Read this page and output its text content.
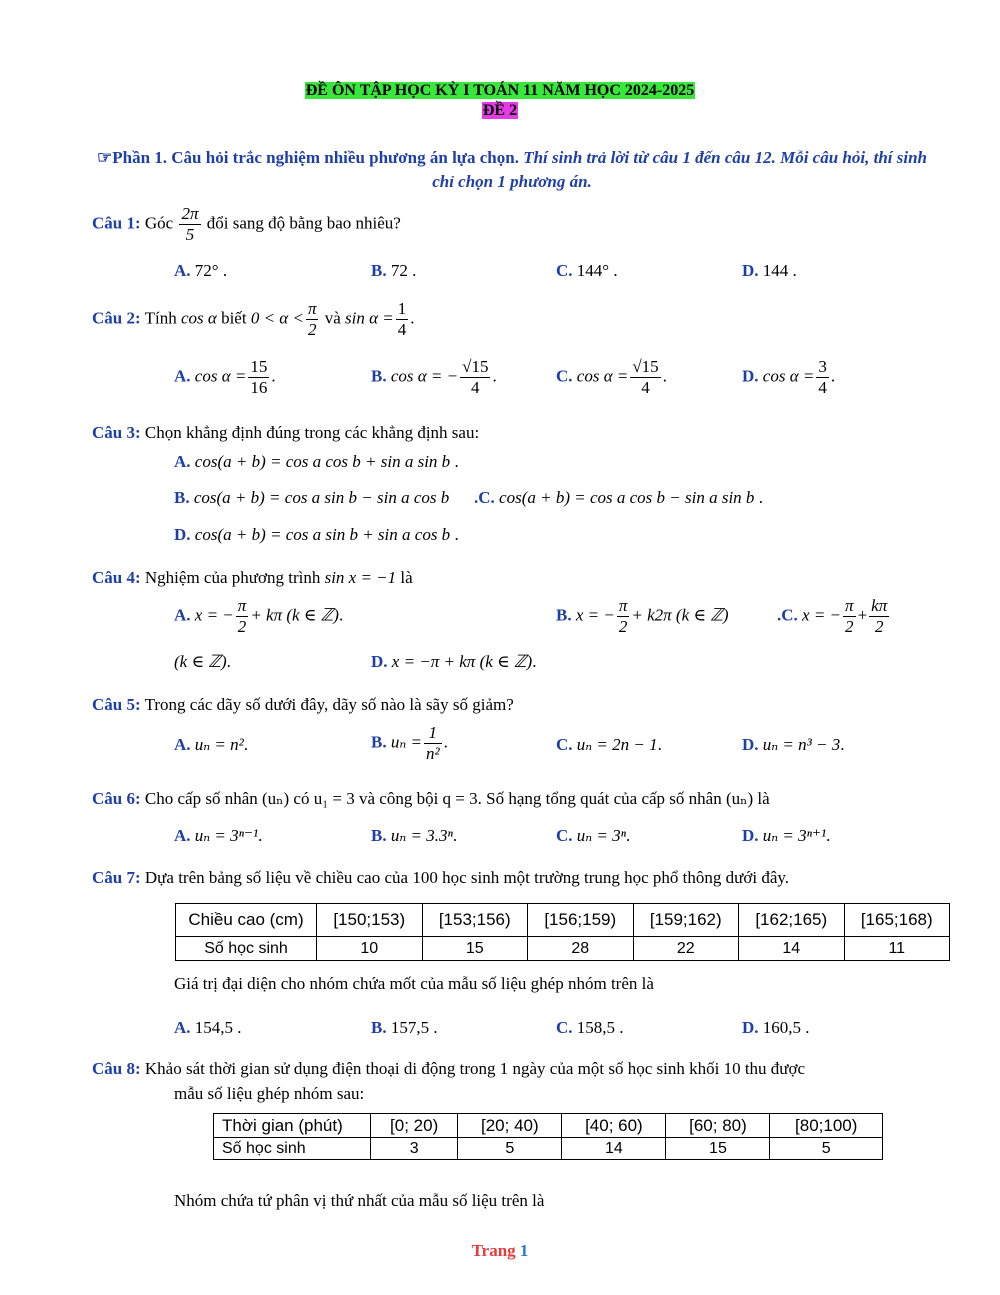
ĐỀ ÔN TẬP HỌC KỲ I TOÁN 11 NĂM HỌC 2024-2025
ĐỀ 2
☞Phần 1. Câu hỏi trắc nghiệm nhiều phương án lựa chọn. Thí sinh trả lời từ câu 1 đến câu 12. Mỗi câu hỏi, thí sinh chỉ chọn 1 phương án.
Câu 1: Góc $\frac{2\pi}{5}$ đổi sang độ bằng bao nhiêu?
A. 72° .	B. 72 .	C. 144° .	D. 144 .
Câu 2: Tính cos α biết $0 < \alpha < \frac{\pi}{2}$ và $\sin \alpha = \frac{1}{4}$ .
A. $\cos \alpha = \frac{15}{16}$ .	B. cos α = − $\frac{√15}{4}$ .	C. $\cos \alpha = \frac{√15}{4}$ .	D. $\cos \alpha = \frac{3}{4}$ .
Câu 3: Chọn khẳng định đúng trong các khẳng định sau:
A. cos(a + b) = cos a cos b + sin a sin b .
B. cos(a + b) = cos a sin b − sin a cos b .C. cos(a + b) = cos a cos b − sin a sin b .
D. cos(a + b) = cos a sin b + sin a cos b .
Câu 4: Nghiệm của phương trình sin x = −1 là
A. x = − $\frac{\pi}{2} + k\pi$ (k ∈ ℤ).	B. x = − $\frac{\pi}{2} + k2\pi$ (k ∈ ℤ)	.C. x = − $\frac{\pi}{2} + \frac{k\pi}{2}$
(k ∈ ℤ).	D. x = −π + kπ (k ∈ ℤ).
Câu 5: Trong các dãy số dưới đây, dãy số nào là sãy số giảm?
A. uₙ = n².	B. $u_n = \frac{1}{\text{n²}}$ .	C. uₙ = 2n − 1.	D. uₙ = n³ − 3.
Câu 6: Cho cấp số nhân (uₙ) có u₁ = 3 và công bội q = 3. Số hạng tổng quát của cấp số nhân (uₙ) là
A. uₙ = 3ⁿ⁻¹.	B. uₙ = 3.3ⁿ.	C. uₙ = 3ⁿ.	D. uₙ = 3ⁿ⁺¹.
Câu 7: Dựa trên bảng số liệu về chiều cao của 100 học sinh một trường trung học phổ thông dưới đây.
Chiều cao (cm)	[150;153)	[153;156)	[156;159)	[159;162)	[162;165)	[165;168)
Số học sinh	10	15	28	22	14	11
Giá trị đại diện cho nhóm chứa mốt của mẫu số liệu ghép nhóm trên là
A. 154,5 .	B. 157,5 .	C. 158,5 .	D. 160,5 .
Câu 8: Khảo sát thời gian sử dụng điện thoại di động trong 1 ngày của một số học sinh khối 10 thu được
mẫu số liệu ghép nhóm sau:
Thời gian (phút)	[0; 20)	[20; 40)	[40; 60)	[60; 80)	[80;100)
Số học sinh	3	5	14	15	5
Nhóm chứa tứ phân vị thứ nhất của mẫu số liệu trên là
Trang 1
